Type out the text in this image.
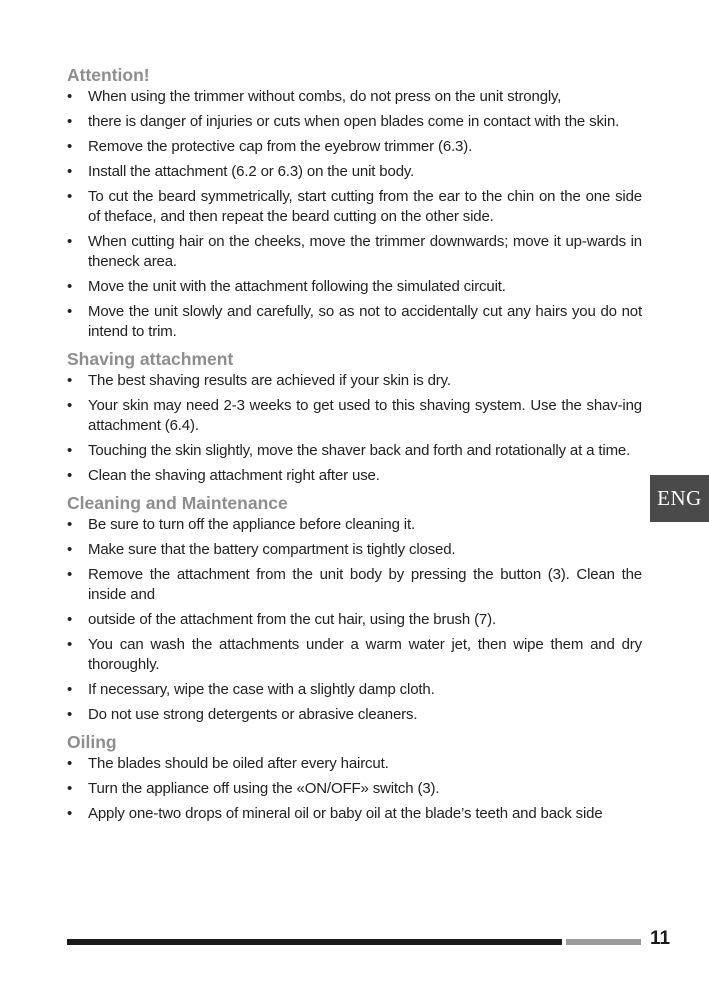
Attention!
• When using the trimmer without combs, do not press on the unit strongly,
• there is danger of injuries or cuts when open blades come in contact with the skin.
• Remove the protective cap from the eyebrow trimmer (6.3).
• Install the attachment (6.2 or 6.3) on the unit body.
• To cut the beard symmetrically, start cutting from the ear to the chin on the one side of theface, and then repeat the beard cutting on the other side.
• When cutting hair on the cheeks, move the trimmer downwards; move it up-wards in theneck area.
• Move the unit with the attachment following the simulated circuit.
• Move the unit slowly and carefully, so as not to accidentally cut any hairs you do not intend to trim.
Shaving attachment
• The best shaving results are achieved if your skin is dry.
• Your skin may need 2-3 weeks to get used to this shaving system. Use the shav-ing attachment (6.4).
• Touching the skin slightly, move the shaver back and forth and rotationally at a time.
• Clean the shaving attachment right after use.
Cleaning and Maintenance
• Be sure to turn off the appliance before cleaning it.
• Make sure that the battery compartment is tightly closed.
• Remove the attachment from the unit body by pressing the button (3). Clean the inside and
• outside of the attachment from the cut hair, using the brush (7).
• You can wash the attachments under a warm water jet, then wipe them and dry thoroughly.
• If necessary, wipe the case with a slightly damp cloth.
• Do not use strong detergents or abrasive cleaners.
Oiling
• The blades should be oiled after every haircut.
• Turn the appliance off using the «ON/OFF» switch (3).
• Apply one-two drops of mineral oil or baby oil at the blade’s teeth and back side
ENG
11
